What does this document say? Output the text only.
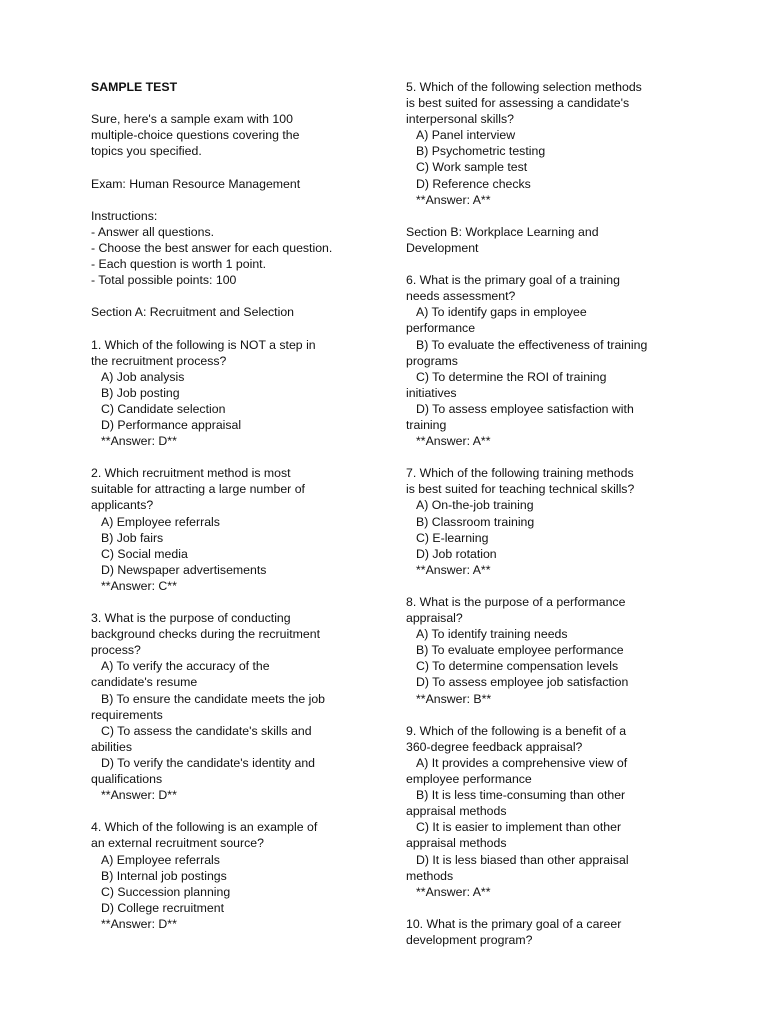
SAMPLE TEST
Sure, here's a sample exam with 100
multiple-choice questions covering the
topics you specified.
Exam: Human Resource Management
Instructions:
- Answer all questions.
- Choose the best answer for each question.
- Each question is worth 1 point.
- Total possible points: 100
Section A: Recruitment and Selection
1. Which of the following is NOT a step in
the recruitment process?
A) Job analysis
B) Job posting
C) Candidate selection
D) Performance appraisal
**Answer: D**
2. Which recruitment method is most
suitable for attracting a large number of
applicants?
A) Employee referrals
B) Job fairs
C) Social media
D) Newspaper advertisements
**Answer: C**
3. What is the purpose of conducting
background checks during the recruitment
process?
A) To verify the accuracy of the
candidate's resume
B) To ensure the candidate meets the job
requirements
C) To assess the candidate's skills and
abilities
D) To verify the candidate's identity and
qualifications
**Answer: D**
4. Which of the following is an example of
an external recruitment source?
A) Employee referrals
B) Internal job postings
C) Succession planning
D) College recruitment
**Answer: D**
5. Which of the following selection methods
is best suited for assessing a candidate's
interpersonal skills?
A) Panel interview
B) Psychometric testing
C) Work sample test
D) Reference checks
**Answer: A**
Section B: Workplace Learning and
Development
6. What is the primary goal of a training
needs assessment?
A) To identify gaps in employee
performance
B) To evaluate the effectiveness of training
programs
C) To determine the ROI of training
initiatives
D) To assess employee satisfaction with
training
**Answer: A**
7. Which of the following training methods
is best suited for teaching technical skills?
A) On-the-job training
B) Classroom training
C) E-learning
D) Job rotation
**Answer: A**
8. What is the purpose of a performance
appraisal?
A) To identify training needs
B) To evaluate employee performance
C) To determine compensation levels
D) To assess employee job satisfaction
**Answer: B**
9. Which of the following is a benefit of a
360-degree feedback appraisal?
A) It provides a comprehensive view of
employee performance
B) It is less time-consuming than other
appraisal methods
C) It is easier to implement than other
appraisal methods
D) It is less biased than other appraisal
methods
**Answer: A**
10. What is the primary goal of a career
development program?
